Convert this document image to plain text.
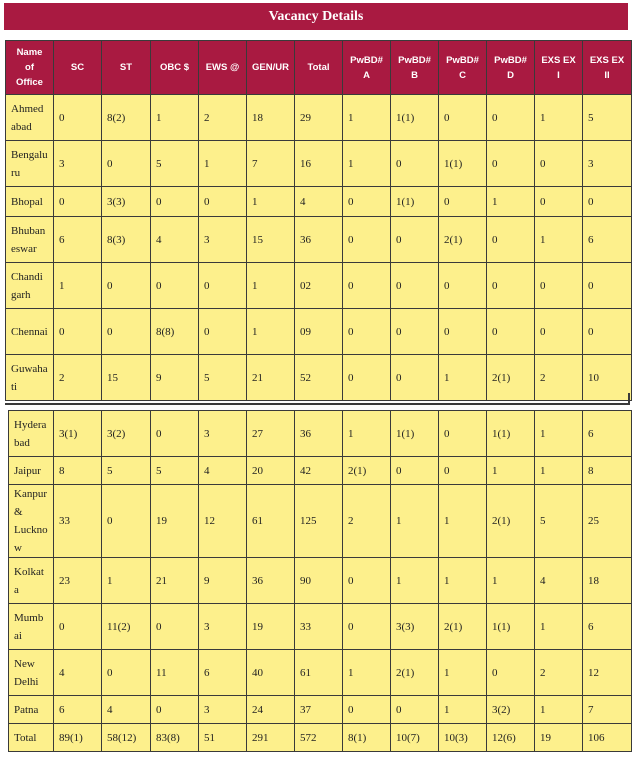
Vacancy Details
Name of Office	SC	ST	OBC $	EWS @	GEN/UR	Total	PwBD# A	PwBD# B	PwBD# C	PwBD# D	EXS EX I	EXS EX II
Ahmedabad	0	8(2)	1	2	18	29	1	1(1)	0	0	1	5
Bengaluru	3	0	5	1	7	16	1	0	1(1)	0	0	3
Bhopal	0	3(3)	0	0	1	4	0	1(1)	0	1	0	0
Bhubaneswar	6	8(3)	4	3	15	36	0	0	2(1)	0	1	6
Chandigarh	1	0	0	0	1	02	0	0	0	0	0	0
Chennai	0	0	8(8)	0	1	09	0	0	0	0	0	0
Guwahati	2	15	9	5	21	52	0	0	1	2(1)	2	10
Hyderabad	3(1)	3(2)	0	3	27	36	1	1(1)	0	1(1)	1	6
Jaipur	8	5	5	4	20	42	2(1)	0	0	1	1	8
Kanpur & Lucknow	33	0	19	12	61	125	2	1	1	2(1)	5	25
Kolkata	23	1	21	9	36	90	0	1	1	1	4	18
Mumbai	0	11(2)	0	3	19	33	0	3(3)	2(1)	1(1)	1	6
New Delhi	4	0	11	6	40	61	1	2(1)	1	0	2	12
Patna	6	4	0	3	24	37	0	0	1	3(2)	1	7
Total	89(1)	58(12)	83(8)	51	291	572	8(1)	10(7)	10(3)	12(6)	19	106
